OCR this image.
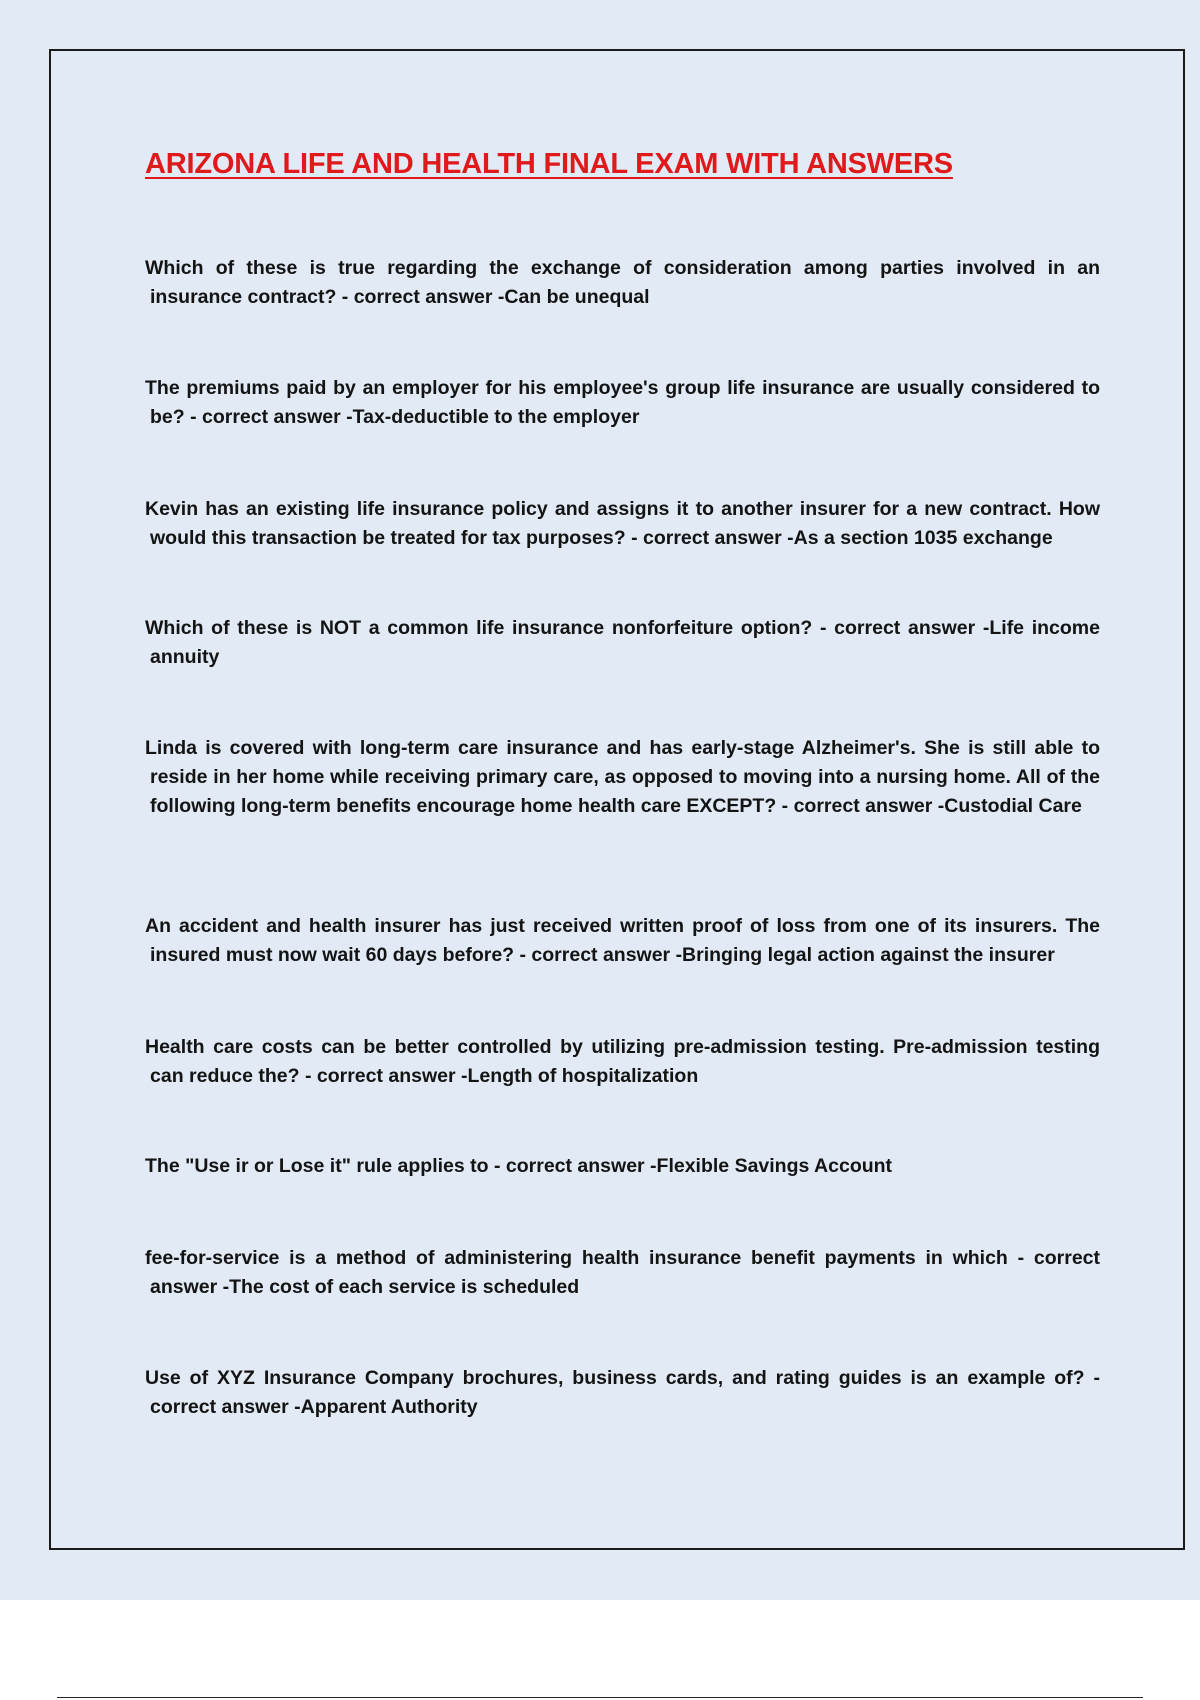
ARIZONA LIFE AND HEALTH FINAL EXAM WITH ANSWERS

Which of these is true regarding the exchange of consideration among parties involved in an insurance contract? - correct answer -Can be unequal

The premiums paid by an employer for his employee's group life insurance are usually considered to be? - correct answer -Tax-deductible to the employer

Kevin has an existing life insurance policy and assigns it to another insurer for a new contract. How would this transaction be treated for tax purposes? - correct answer -As a section 1035 exchange

Which of these is NOT a common life insurance nonforfeiture option? - correct answer -Life income annuity

Linda is covered with long-term care insurance and has early-stage Alzheimer's. She is still able to reside in her home while receiving primary care, as opposed to moving into a nursing home. All of the following long-term benefits encourage home health care EXCEPT? - correct answer -Custodial Care

An accident and health insurer has just received written proof of loss from one of its insurers. The insured must now wait 60 days before? - correct answer -Bringing legal action against the insurer

Health care costs can be better controlled by utilizing pre-admission testing. Pre-admission testing can reduce the? - correct answer -Length of hospitalization

The "Use ir or Lose it" rule applies to - correct answer -Flexible Savings Account

fee-for-service is a method of administering health insurance benefit payments in which - correct answer -The cost of each service is scheduled

Use of XYZ Insurance Company brochures, business cards, and rating guides is an example of? - correct answer -Apparent Authority
